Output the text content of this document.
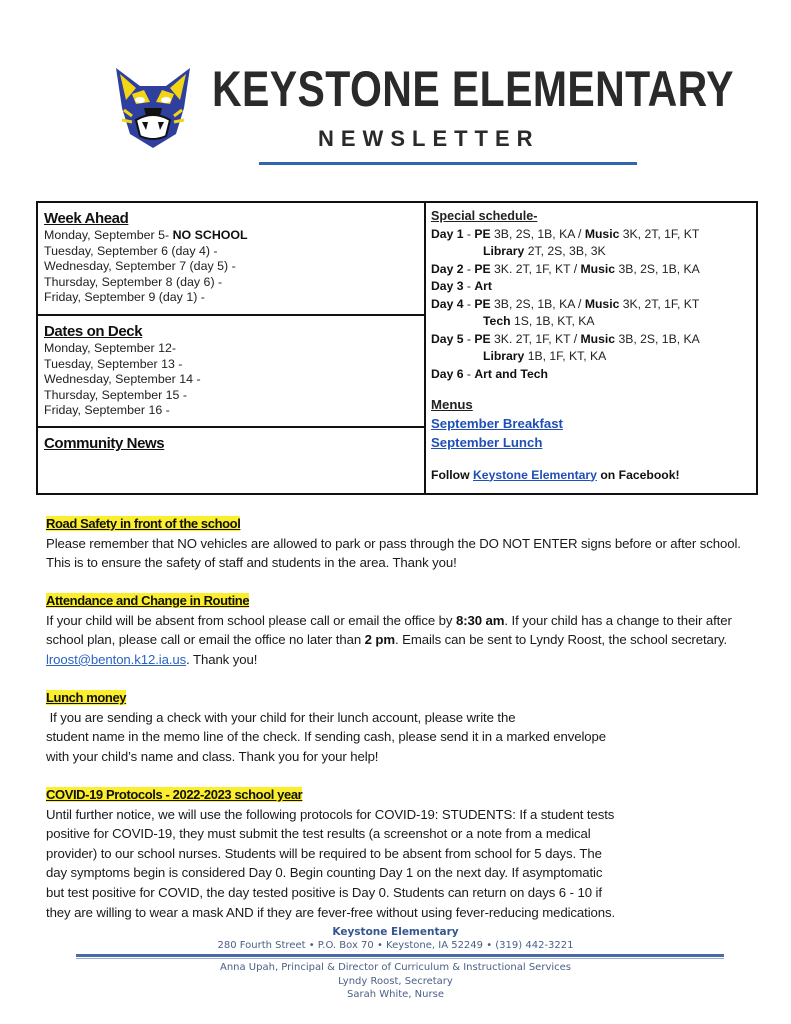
KEYSTONE ELEMENTARY
NEWSLETTER
Week Ahead
Monday, September 5- NO SCHOOL
Tuesday, September 6 (day 4) -
Wednesday, September 7 (day 5) -
Thursday, September 8 (day 6) -
Friday, September 9 (day 1) -
Dates on Deck
Monday, September 12-
Tuesday, September 13 -
Wednesday, September 14 -
Thursday, September 15 -
Friday, September 16 -
Community News
Special schedule-
Day 1 - PE 3B, 2S, 1B, KA / Music 3K, 2T, 1F, KT
Library 2T, 2S, 3B, 3K
Day 2 - PE 3K. 2T, 1F, KT / Music 3B, 2S, 1B, KA
Day 3 - Art
Day 4 - PE 3B, 2S, 1B, KA / Music 3K, 2T, 1F, KT
Tech 1S, 1B, KT, KA
Day 5 - PE 3K. 2T, 1F, KT / Music 3B, 2S, 1B, KA
Library 1B, 1F, KT, KA
Day 6 - Art and Tech
Menus
September Breakfast
September Lunch
Follow Keystone Elementary on Facebook!
Road Safety in front of the school
Please remember that NO vehicles are allowed to park or pass through the DO NOT ENTER signs before or after school. This is to ensure the safety of staff and students in the area. Thank you!
Attendance and Change in Routine
If your child will be absent from school please call or email the office by 8:30 am. If your child has a change to their after school plan, please call or email the office no later than 2 pm. Emails can be sent to Lyndy Roost, the school secretary. lroost@benton.k12.ia.us. Thank you!
Lunch money
If you are sending a check with your child for their lunch account, please write the
student name in the memo line of the check. If sending cash, please send it in a marked envelope
with your child’s name and class. Thank you for your help!
COVID-19 Protocols - 2022-2023 school year
Until further notice, we will use the following protocols for COVID-19: STUDENTS: If a student tests
positive for COVID-19, they must submit the test results (a screenshot or a note from a medical
provider) to our school nurses. Students will be required to be absent from school for 5 days. The
day symptoms begin is considered Day 0. Begin counting Day 1 on the next day. If asymptomatic
but test positive for COVID, the day tested positive is Day 0. Students can return on days 6 - 10 if
they are willing to wear a mask AND if they are fever-free without using fever-reducing medications.
Keystone Elementary
280 Fourth Street • P.O. Box 70 • Keystone, IA 52249 • (319) 442-3221
Anna Upah, Principal & Director of Curriculum & Instructional Services
Lyndy Roost, Secretary
Sarah White, Nurse
